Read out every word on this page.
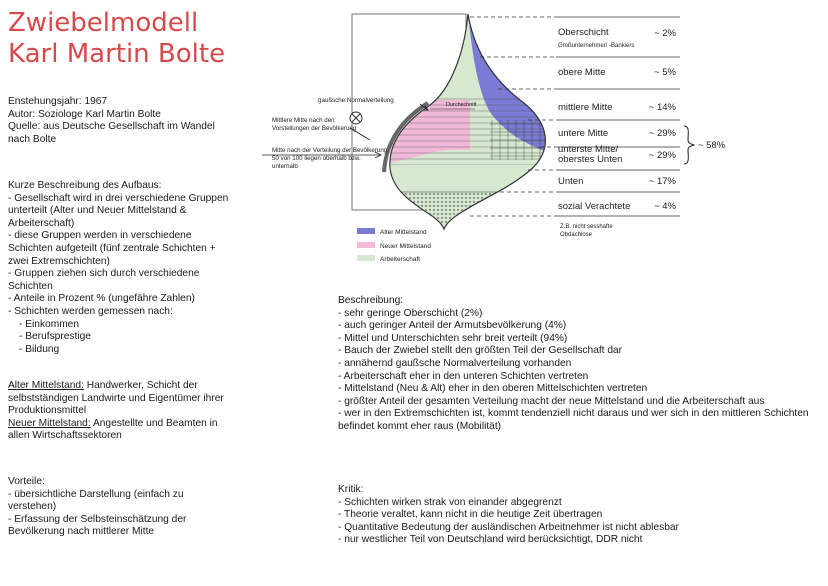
Zwiebelmodell
Karl Martin Bolte
Enstehungsjahr: 1967
Autor: Soziologe Karl Martin Bolte
Quelle: aus Deutsche Gesellschaft im Wandel nach Bolte
Kurze Beschreibung des Aufbaus:
- Gesellschaft wird in drei verschiedene Gruppen unterteilt (Alter und Neuer Mittelstand & Arbeiterschaft)
- diese Gruppen werden in verschiedene Schichten aufgeteilt (fünf zentrale Schichten + zwei Extremschichten)
- Gruppen ziehen sich durch verschiedene Schichten
- Anteile in Prozent % (ungefähre Zahlen)
- Schichten werden gemessen nach:
- Einkommen
- Berufsprestige
- Bildung
Alter Mittelstand: Handwerker, Schicht der selbstständigen Landwirte und Eigentümer ihrer Produktionsmittel
Neuer Mittelstand: Angestellte und Beamten in allen Wirtschaftssektoren
Vorteile:
- übersichtliche Darstellung (einfach zu verstehen)
- Erfassung der Selbsteinschätzung der Bevölkerung nach mittlerer Mitte
Beschreibung:
- sehr geringe Oberschicht (2%)
- auch geringer Anteil der Armutsbevölkerung (4%)
- Mittel und Unterschichten sehr breit verteilt (94%)
- Bauch der Zwiebel stellt den größten Teil der Gesellschaft dar
- annähernd gaußsche Normalverteilung vorhanden
- Arbeiterschaft eher in den unteren Schichten vertreten
- Mittelstand (Neu & Alt) eher in den oberen Mittelschichten vertreten
- größter Anteil der gesamten Verteilung macht der neue Mittelstand und die Arbeiterschaft aus
- wer in den Extremschichten ist, kommt tendenziell nicht daraus und wer sich in den mittleren Schichten befindet kommt eher raus (Mobilität)
Kritik:
- Schichten wirken strak von einander abgegrenzt
- Theorie veraltet, kann nicht in die heutige Zeit übertragen
- Quantitative Bedeutung der ausländischen Arbeitnehmer ist nicht ablesbar
- nur westlicher Teil von Deutschland wird berücksichtigt, DDR nicht
Oberschicht
Großunternehmer/ -Bankiers
~ 2%
obere Mitte	~ 5%
mittlere Mitte	~ 14%
untere Mitte	~ 29%
unterste Mitte/ oberstes Unten	~ 29%
Unten	~ 17%
sozial Verachtete ~ 4%
Z.B. nicht sesshafte Obdachlose
~ 58%
gaußsche Normalverteilung
Mittlere Mitte nach den Vorstellungen der Bevölkerung
Mitte nach der Verteilung der Bevölkerung 50 von 100 liegen oberhalb bzw. unterhalb
Durchschnitt
Alter Mittelstand
Neuer Mittelstand
Arbeiterschaft
